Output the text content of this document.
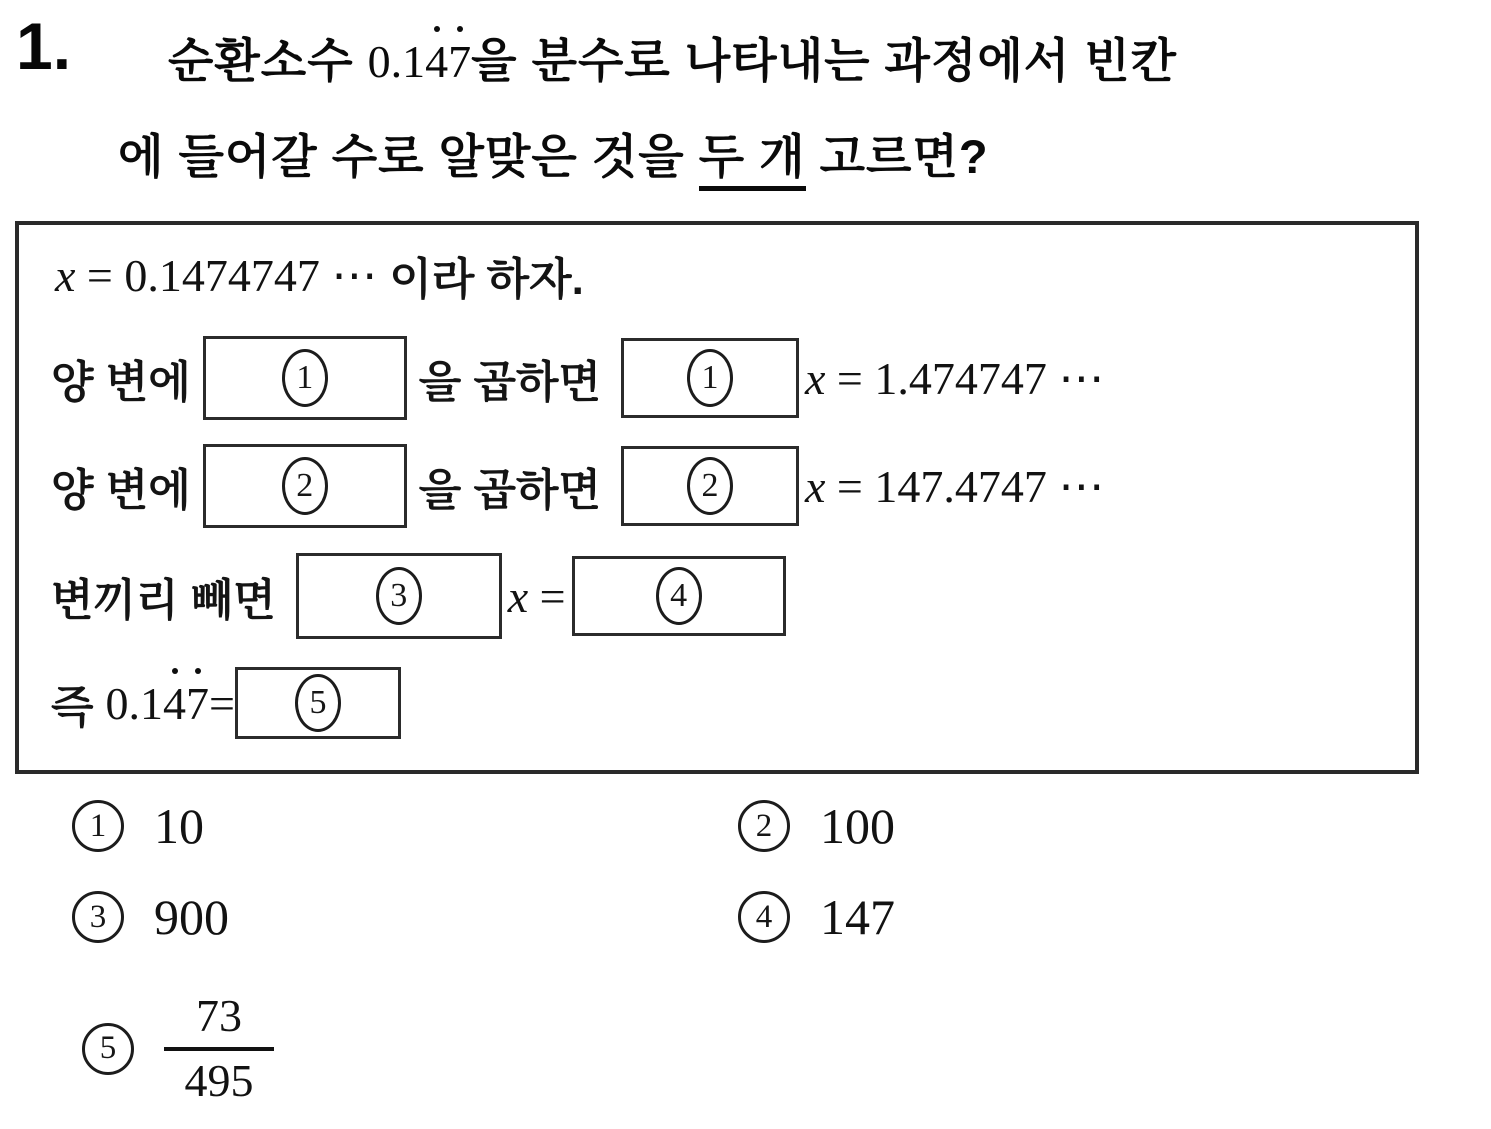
1. 순환소수 0.147을 분수로 나타내는 과정에서 빈칸
에 들어갈 수로 알맞은 것을 두 개 고르면?
x = 0.1474747 ⋯ 이라 하자.
양 변에	1	을 곱하면	1	x = 1.474747 ⋯
양 변에	2	을 곱하면	2	x = 147.4747 ⋯
변끼리 빼면	3	x =	4
즉 0.147=	5
1 10	2 100
3 900	4 147
5	$\frac{73}{495}$
